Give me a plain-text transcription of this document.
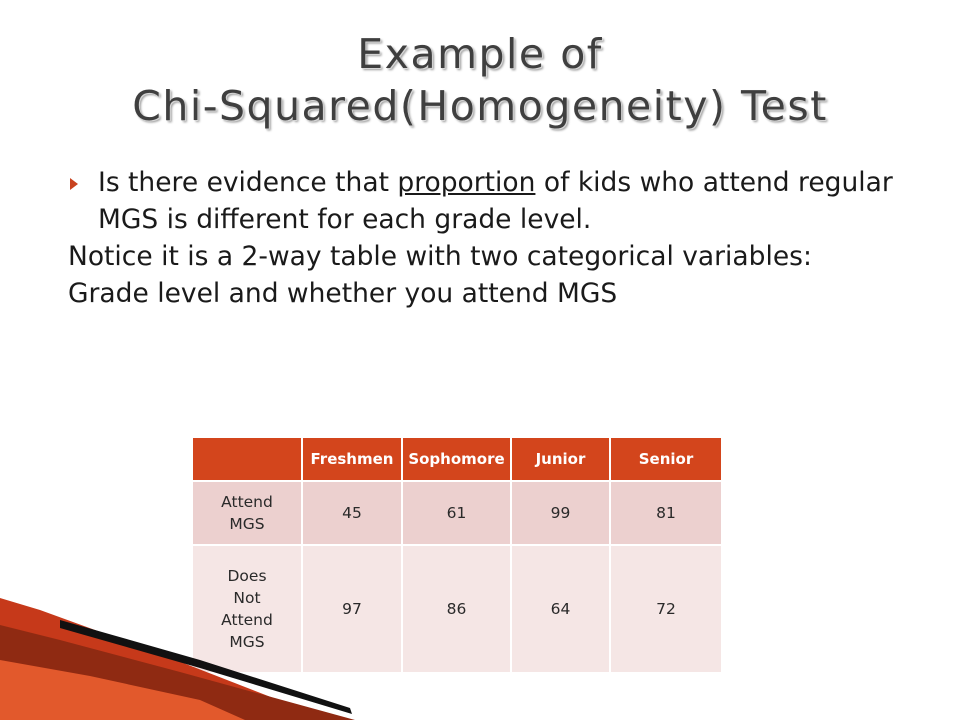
Example of
Chi-Squared(Homogeneity) Test
Is there evidence that proportion of kids who attend regular MGS is different for each grade level.
Notice it is a 2-way table with two categorical variables:
Grade level and whether you attend MGS
	Freshmen	Sophomore	Junior	Senior

Attend
MGS	45	61	99	81

Does
Not
Attend
MGS	97	86	64	72
